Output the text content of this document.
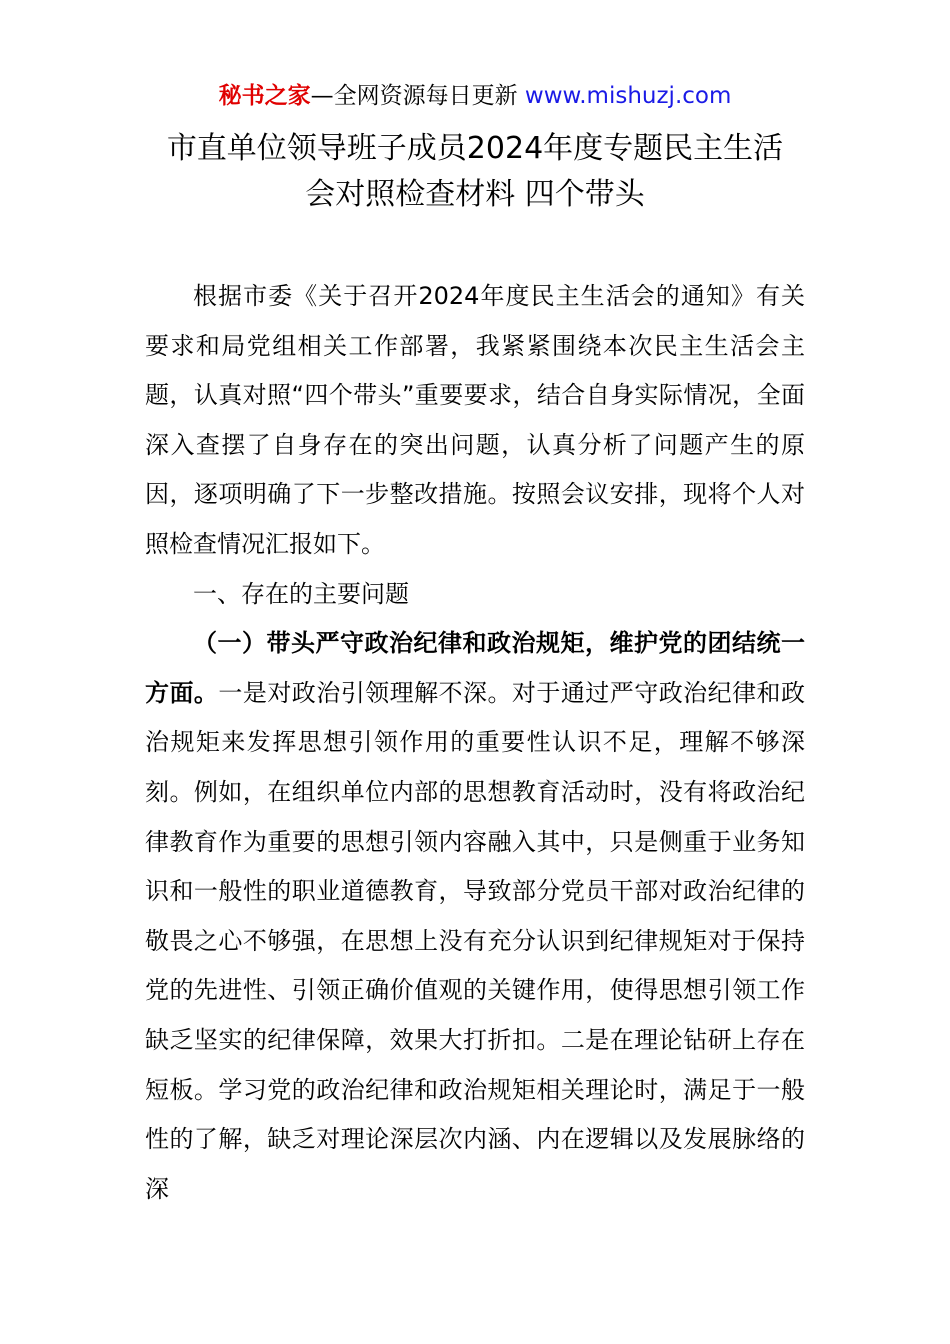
秘书之家—全网资源每日更新 www.mishuzj.com
市直单位领导班子成员2024年度专题民主生活
会对照检查材料 四个带头

根据市委《关于召开2024年度民主生活会的通知》有关要求和局党组相关工作部署，我紧紧围绕本次民主生活会主题，认真对照“四个带头”重要要求，结合自身实际情况，全面深入查摆了自身存在的突出问题，认真分析了问题产生的原因，逐项明确了下一步整改措施。按照会议安排，现将个人对照检查情况汇报如下。

一、存在的主要问题

（一）带头严守政治纪律和政治规矩，维护党的团结统一方面。一是对政治引领理解不深。对于通过严守政治纪律和政治规矩来发挥思想引领作用的重要性认识不足，理解不够深刻。例如，在组织单位内部的思想教育活动时，没有将政治纪律教育作为重要的思想引领内容融入其中，只是侧重于业务知识和一般性的职业道德教育，导致部分党员干部对政治纪律的敬畏之心不够强，在思想上没有充分认识到纪律规矩对于保持党的先进性、引领正确价值观的关键作用，使得思想引领工作缺乏坚实的纪律保障，效果大打折扣。二是在理论钻研上存在短板。学习党的政治纪律和政治规矩相关理论时，满足于一般性的了解，缺乏对理论深层次内涵、内在逻辑以及发展脉络的深
